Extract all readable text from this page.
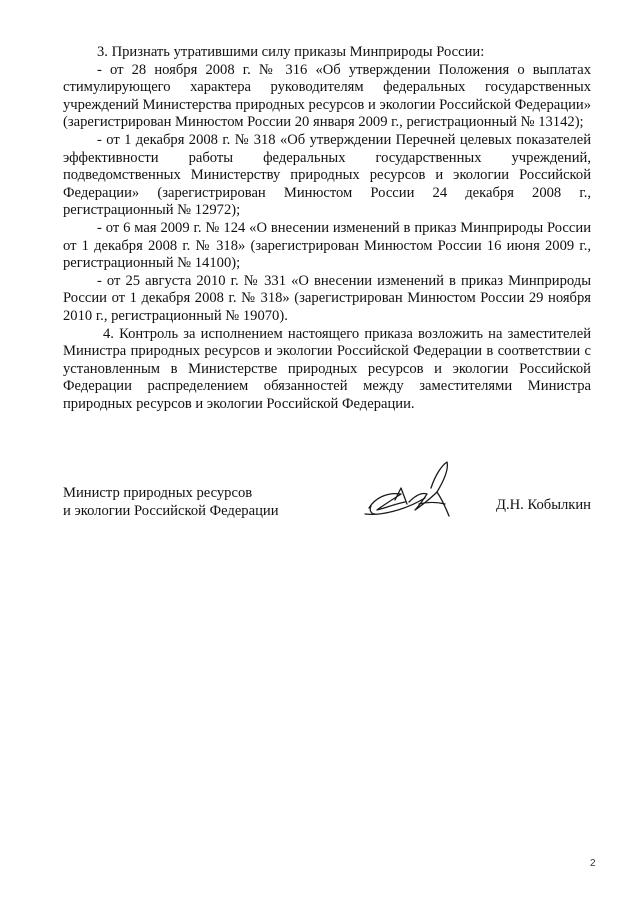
3. Признать утратившими силу приказы Минприроды России:

- от 28 ноября 2008 г. № 316 «Об утверждении Положения о выплатах стимулирующего характера руководителям федеральных государственных учреждений Министерства природных ресурсов и экологии Российской Федерации» (зарегистрирован Минюстом России 20 января 2009 г., регистрационный № 13142);

- от 1 декабря 2008 г. № 318 «Об утверждении Перечней целевых показателей эффективности работы федеральных государственных учреждений, подведомственных Министерству природных ресурсов и экологии Российской Федерации» (зарегистрирован Минюстом России 24 декабря 2008 г., регистрационный № 12972);

- от 6 мая 2009 г. № 124 «О внесении изменений в приказ Минприроды России от 1 декабря 2008 г. № 318» (зарегистрирован Минюстом России 16 июня 2009 г., регистрационный № 14100);

- от 25 августа 2010 г. № 331 «О внесении изменений в приказ Минприроды России от 1 декабря 2008 г. № 318» (зарегистрирован Минюстом России 29 ноября 2010 г., регистрационный № 19070).

4. Контроль за исполнением настоящего приказа возложить на заместителей Министра природных ресурсов и экологии Российской Федерации в соответствии с установленным в Министерстве природных ресурсов и экологии Российской Федерации распределением обязанностей между заместителями Министра природных ресурсов и экологии Российской Федерации.

Министр природных ресурсов
и экологии Российской Федерации	Д.Н. Кобылкин
2
